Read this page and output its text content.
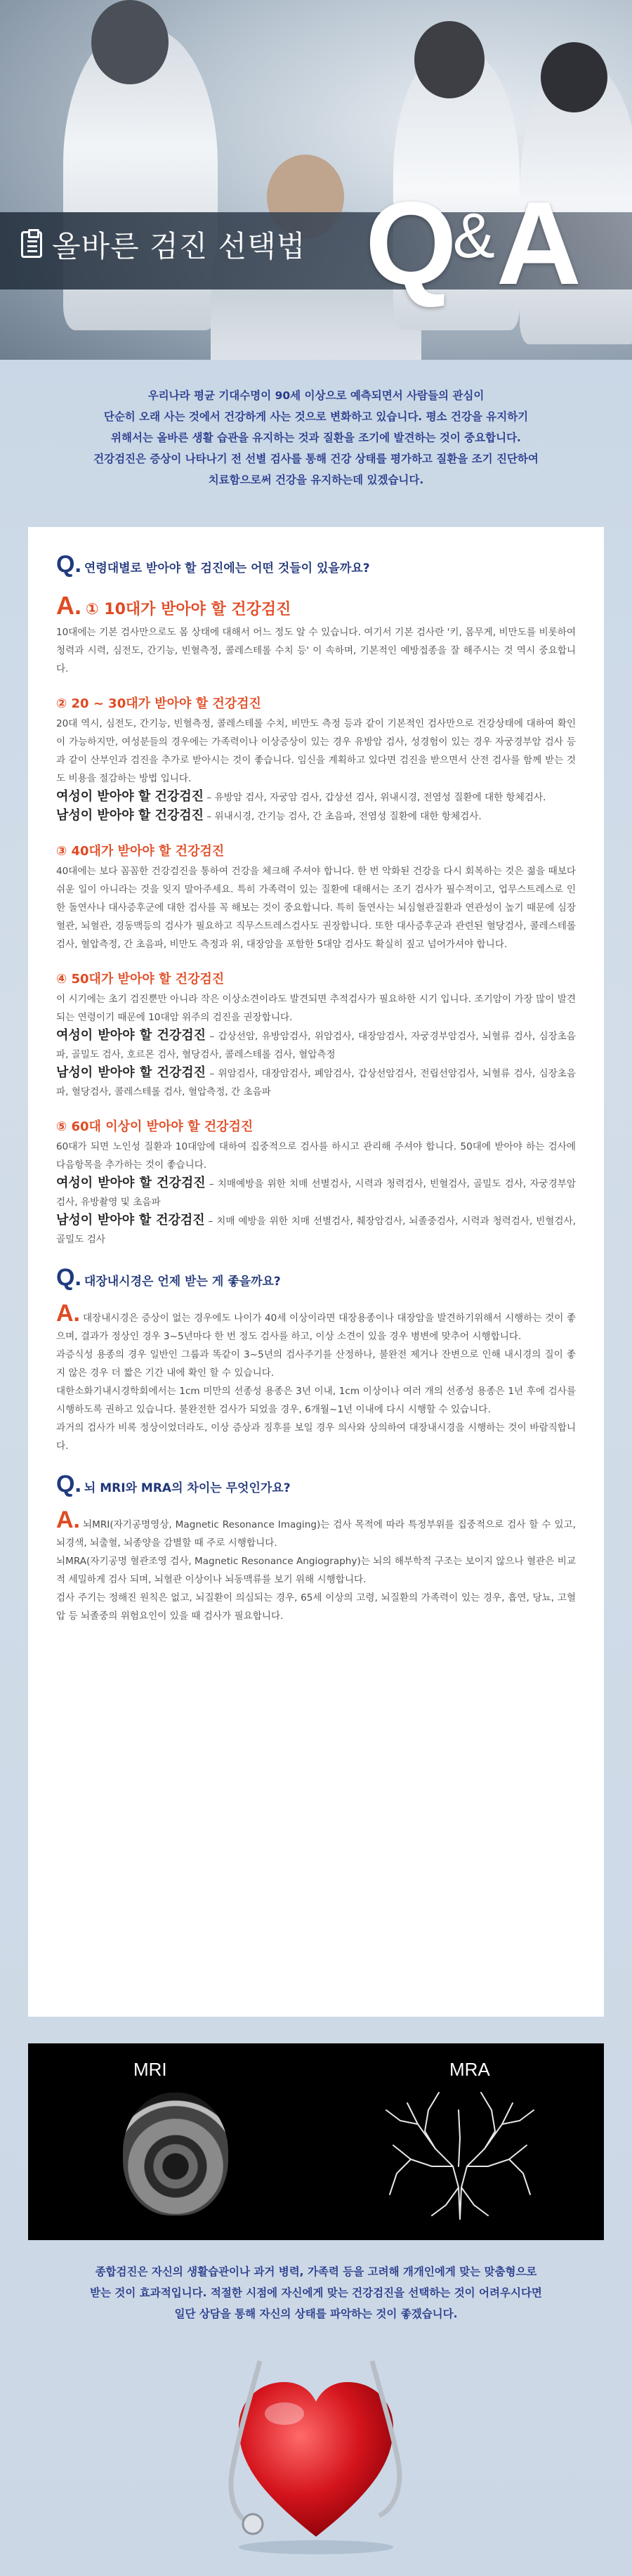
올바른 검진 선택법 Q&A
우리나라 평균 기대수명이 90세 이상으로 예측되면서 사람들의 관심이
단순히 오래 사는 것에서 건강하게 사는 것으로 변화하고 있습니다. 평소 건강을 유지하기
위해서는 올바른 생활 습관을 유지하는 것과 질환을 조기에 발견하는 것이 중요합니다.
건강검진은 증상이 나타나기 전 선별 검사를 통해 건강 상태를 평가하고 질환을 조기 진단하여
치료함으로써 건강을 유지하는데 있겠습니다.
Q. 연령대별로 받아야 할 검진에는 어떤 것들이 있을까요?
A. ① 10대가 받아야 할 건강검진
10대에는 기본 검사만으로도 몸 상태에 대해서 어느 정도 알 수 있습니다. 여기서 기본 검사란 '키, 몸무게, 비만도를 비롯하여 청력과 시력, 심전도, 간기능, 빈혈측정, 콜레스테롤 수치 등' 이 속하며, 기본적인 예방접종을 잘 해주시는 것 역시 중요합니다.
② 20 ~ 30대가 받아야 할 건강검진
20대 역시, 심전도, 간기능, 빈혈측정, 콜레스테롤 수치, 비만도 측정 등과 같이 기본적인 검사만으로 건강상태에 대하여 확인이 가능하지만, 여성분들의 경우에는 가족력이나 이상증상이 있는 경우 유방암 검사, 성경험이 있는 경우 자궁경부암 검사 등과 같이 산부인과 검진을 추가로 받아시는 것이 좋습니다. 임신을 계획하고 있다면 검진을 받으면서 산전 검사를 함께 받는 것도 비용을 절감하는 방법 입니다.
여성이 받아야 할 건강검진 – 유방암 검사, 자궁암 검사, 갑상선 검사, 위내시경, 전염성 질환에 대한 항체검사.
남성이 받아야 할 건강검진 – 위내시경, 간기능 검사, 간 초음파, 전염성 질환에 대한 항체검사.
③ 40대가 받아야 할 건강검진
40대에는 보다 꼼꼼한 건강검진을 통하여 건강을 체크해 주셔야 합니다. 한 번 악화된 건강을 다시 회복하는 것은 젊을 때보다 쉬운 일이 아니라는 것을 잊지 말아주세요. 특히 가족력이 있는 질환에 대해서는 조기 검사가 필수적이고, 업무스트레스로 인한 돌연사나 대사증후군에 대한 검사를 꼭 해보는 것이 중요합니다. 특히 돌연사는 뇌심혈관질환과 연관성이 높기 때문에 심장혈관, 뇌혈관, 경동맥등의 검사가 필요하고 직무스트레스검사도 권장합니다. 또한 대사증후군과 관련된 혈당검사, 콜레스테롤 검사, 혈압측정, 간 초음파, 비만도 측정과 위, 대장암을 포함한 5대암 검사도 확실히 짚고 넘어가셔야 합니다.
④ 50대가 받아야 할 건강검진
이 시기에는 초기 검진뿐만 아니라 작은 이상소견이라도 발견되면 추적검사가 필요하한 시기 입니다. 조기암이 가장 많이 발견되는 연령이기 때문에 10대암 위주의 검진을 권장합니다.
여성이 받아야 할 건강검진 – 갑상선암, 유방암검사, 위암검사, 대장암검사, 자궁경부암검사, 뇌혈류 검사, 심장초음파, 골밀도 검사, 호르몬 검사, 혈당검사, 콜레스테롤 검사, 혈압측정
남성이 받아야 할 건강검진 – 위암검사, 대장암검사, 폐암검사, 갑상선암검사, 전립선암검사, 뇌혈류 검사, 심장초음파, 혈당검사, 콜레스테롤 검사, 혈압측정, 간 초음파
⑤ 60대 이상이 받아야 할 건강검진
60대가 되면 노인성 질환과 10대암에 대하여 집중적으로 검사를 하시고 관리해 주셔야 합니다. 50대에 받아야 하는 검사에 다음항목을 추가하는 것이 좋습니다.
여성이 받아야 할 건강검진 – 치매예방을 위한 치매 선별검사, 시력과 청력검사, 빈혈검사, 골밀도 검사, 자궁경부암 검사, 유방촬영 및 초음파
남성이 받아야 할 건강검진 – 치매 예방을 위한 치매 선별검사, 췌장암검사, 뇌졸중검사, 시력과 청력검사, 빈혈검사, 골밀도 검사
Q. 대장내시경은 언제 받는 게 좋을까요?
A. 대장내시경은 증상이 없는 경우에도 나이가 40세 이상이라면 대장용종이나 대장암을 발견하기위해서 시행하는 것이 좋으며, 결과가 정상인 경우 3~5년마다 한 번 정도 검사를 하고, 이상 소견이 있을 경우 병변에 맞추어 시행합니다.
과증식성 용종의 경우 일반인 그룹과 똑같이 3~5년의 검사주기를 산정하나, 불완전 제거나 잔변으로 인해 내시경의 질이 좋지 않은 경우 더 짧은 기간 내에 확인 할 수 있습니다.
대한소화기내시경학회에서는 1cm 미만의 선종성 용종은 3년 이내, 1cm 이상이나 여러 개의 선종성 용종은 1년 후에 검사를 시행하도록 권하고 있습니다. 불완전한 검사가 되었을 경우, 6개월~1년 이내에 다시 시행할 수 있습니다.
과거의 검사가 비록 정상이었더라도, 이상 증상과 징후를 보일 경우 의사와 상의하여 대장내시경을 시행하는 것이 바람직합니다.
Q. 뇌 MRI와 MRA의 차이는 무엇인가요?
A. 뇌MRI(자기공명영상, Magnetic Resonance Imaging)는 검사 목적에 따라 특정부위를 집중적으로 검사 할 수 있고, 뇌경색, 뇌출혈, 뇌종양을 감별할 때 주로 시행합니다.
뇌MRA(자기공명 혈관조영 검사, Magnetic Resonance Angiography)는 뇌의 해부학적 구조는 보이지 않으나 혈관은 비교적 세밀하게 검사 되며, 뇌혈관 이상이나 뇌동맥류를 보기 위해 시행합니다.
검사 주기는 정해진 원칙은 없고, 뇌질환이 의심되는 경우, 65세 이상의 고령, 뇌질환의 가족력이 있는 경우, 흡연, 당뇨, 고혈압 등 뇌졸중의 위험요인이 있을 때 검사가 필요합니다.
MRI	MRA
종합검진은 자신의 생활습관이나 과거 병력, 가족력 등을 고려해 개개인에게 맞는 맞춤형으로
받는 것이 효과적입니다. 적절한 시점에 자신에게 맞는 건강검진을 선택하는 것이 어려우시다면
일단 상담을 통해 자신의 상태를 파악하는 것이 좋겠습니다.
